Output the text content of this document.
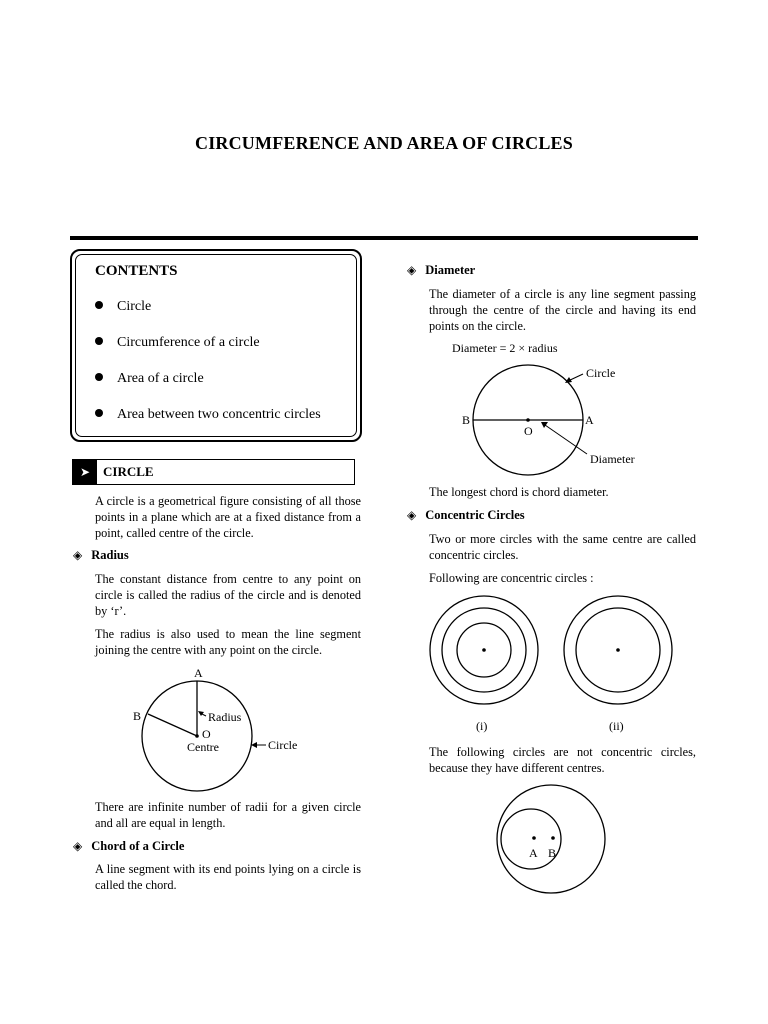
CIRCUMFERENCE AND AREA OF CIRCLES
CONTENTS
Circle
Circumference of a circle
Area of a circle
Area between two concentric circles
➤ CIRCLE
A circle is a geometrical figure consisting of all those points in a plane which are at a fixed distance from a point, called centre of the circle.
◈ Radius
The constant distance from centre to any point on circle is called the radius of the circle and is denoted by ‘r’.
The radius is also used to mean the line segment joining the centre with any point on the circle.
A
B	Radius
O
Centre	Circle
There are infinite number of radii for a given circle and all are equal in length.
◈ Chord of a Circle
A line segment with its end points lying on a circle is called the chord.
◈ Diameter
The diameter of a circle is any line segment passing through the centre of the circle and having its end points on the circle.
Diameter = 2 × radius
Circle
B	A
O
Diameter
The longest chord is chord diameter.
◈ Concentric Circles
Two or more circles with the same centre are called concentric circles.
Following are concentric circles :
(i)	(ii)
The following circles are not concentric circles, because they have different centres.
A B
